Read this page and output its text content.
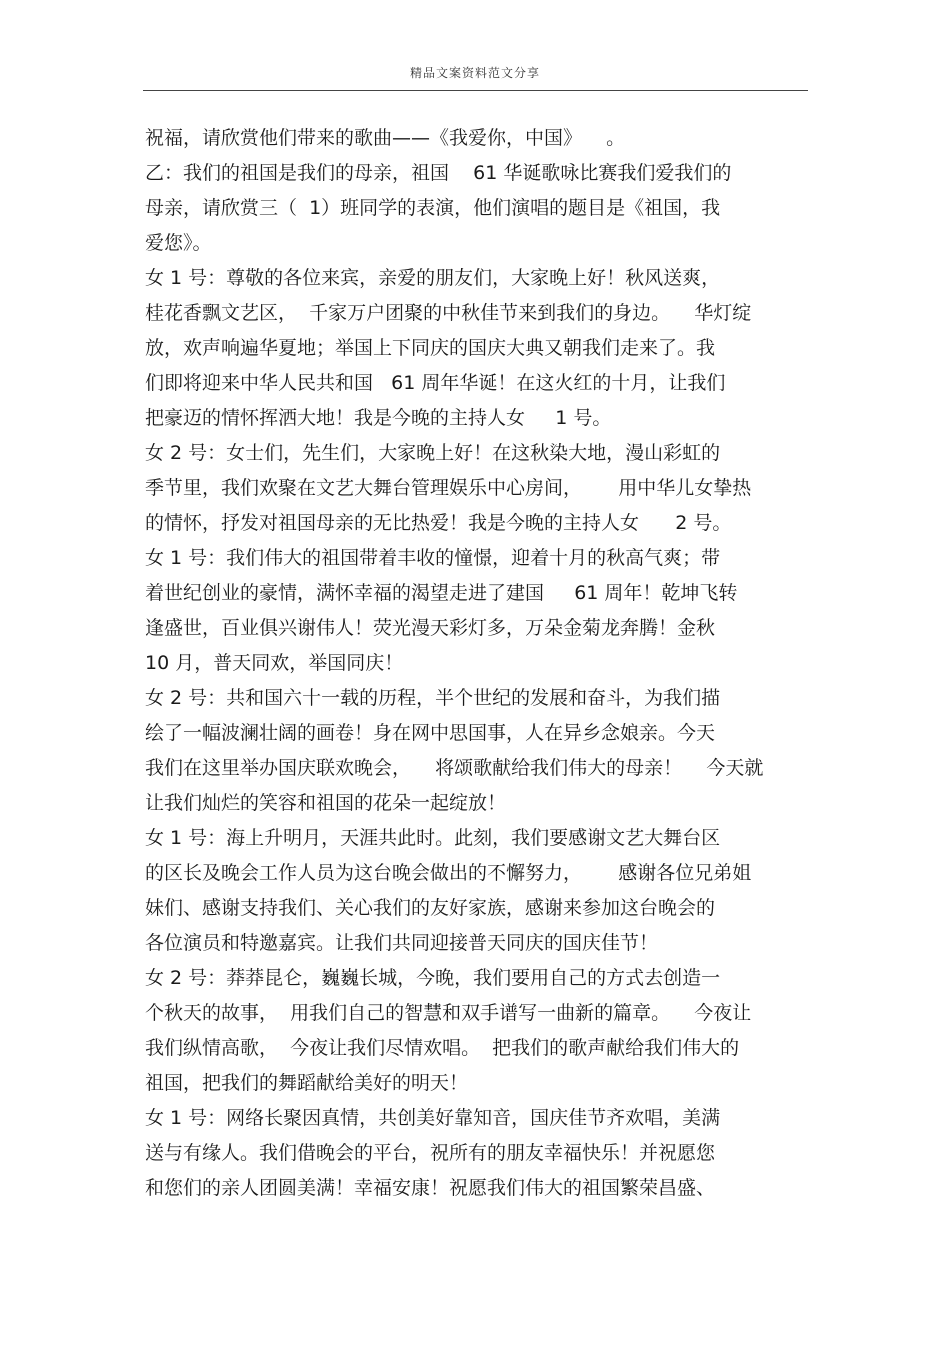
精品文案资料范文分享
祝福，请欣赏他们带来的歌曲——《我爱你，中国》    。
乙：我们的祖国是我们的母亲，祖国    61 华诞歌咏比赛我们爱我们的
母亲，请欣赏三（  1）班同学的表演，他们演唱的题目是《祖国，我
爱您》。
女 1 号：尊敬的各位来宾，亲爱的朋友们，大家晚上好！秋风送爽，
桂花香飘文艺区，  千家万户团聚的中秋佳节来到我们的身边。    华灯绽
放，欢声响遍华夏地；举国上下同庆的国庆大典又朝我们走来了。我
们即将迎来中华人民共和国   61 周年华诞！在这火红的十月，让我们
把豪迈的情怀挥洒大地！我是今晚的主持人女     1 号。
女 2 号：女士们，先生们，大家晚上好！在这秋染大地，漫山彩虹的
季节里，我们欢聚在文艺大舞台管理娱乐中心房间，      用中华儿女挚热
的情怀，抒发对祖国母亲的无比热爱！我是今晚的主持人女      2 号。
女 1 号：我们伟大的祖国带着丰收的憧憬，迎着十月的秋高气爽；带
着世纪创业的豪情，满怀幸福的渴望走进了建国     61 周年！乾坤飞转
逢盛世，百业俱兴谢伟人！荧光漫天彩灯多，万朵金菊龙奔腾！金秋
10 月，普天同欢，举国同庆！
女 2 号：共和国六十一载的历程，半个世纪的发展和奋斗，为我们描
绘了一幅波澜壮阔的画卷！身在网中思国事，人在异乡念娘亲。今天
我们在这里举办国庆联欢晚会，    将颂歌献给我们伟大的母亲！    今天就
让我们灿烂的笑容和祖国的花朵一起绽放！
女 1 号：海上升明月，天涯共此时。此刻，我们要感谢文艺大舞台区
的区长及晚会工作人员为这台晚会做出的不懈努力，      感谢各位兄弟姐
妹们、感谢支持我们、关心我们的友好家族，感谢来参加这台晚会的
各位演员和特邀嘉宾。让我们共同迎接普天同庆的国庆佳节！
女 2 号：莽莽昆仑，巍巍长城，今晚，我们要用自己的方式去创造一
个秋天的故事，  用我们自己的智慧和双手谱写一曲新的篇章。    今夜让
我们纵情高歌，  今夜让我们尽情欢唱。  把我们的歌声献给我们伟大的
祖国，把我们的舞蹈献给美好的明天！
女 1 号：网络长聚因真情，共创美好靠知音，国庆佳节齐欢唱，美满
送与有缘人。我们借晚会的平台，祝所有的朋友幸福快乐！并祝愿您
和您们的亲人团圆美满！幸福安康！祝愿我们伟大的祖国繁荣昌盛、
